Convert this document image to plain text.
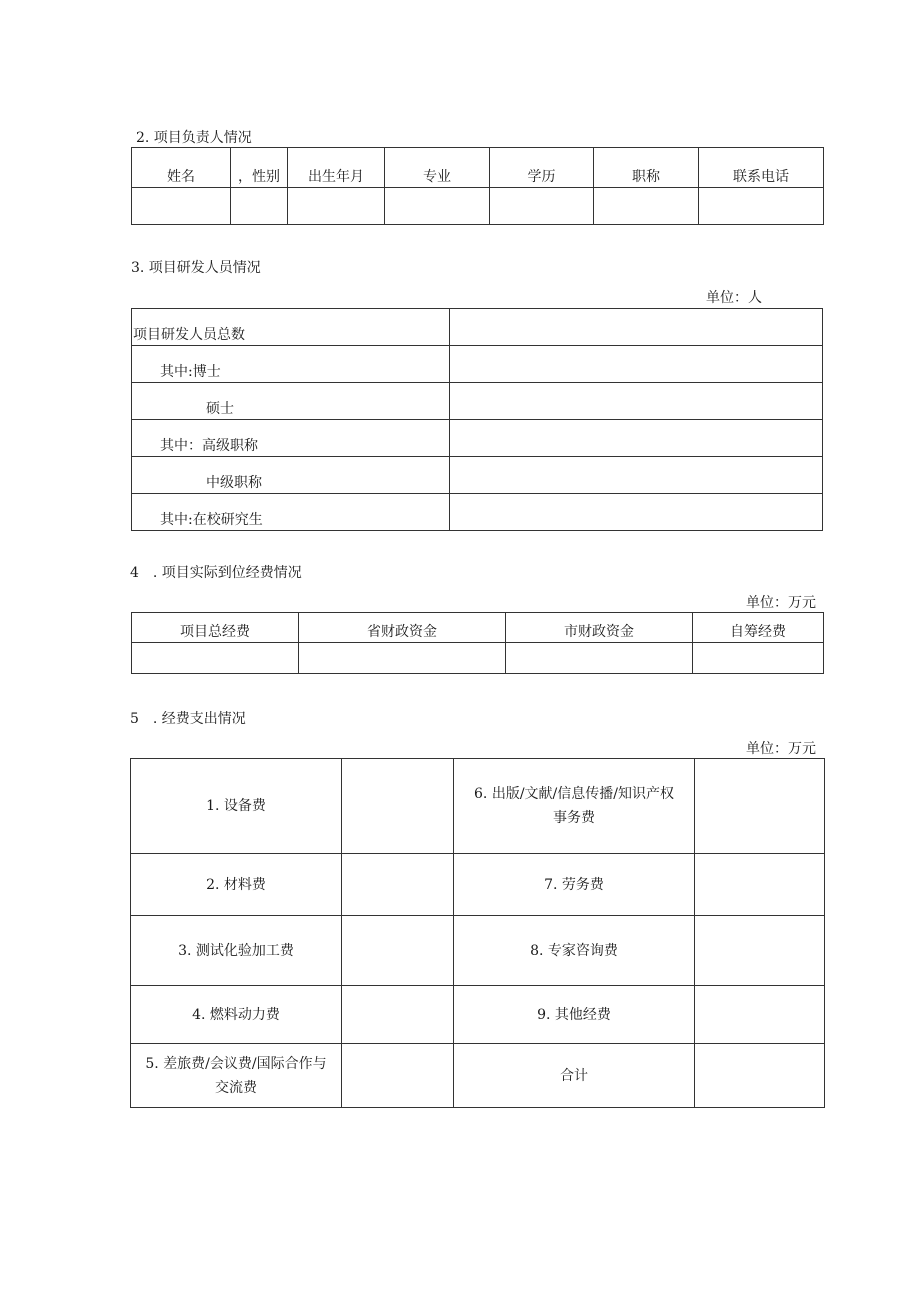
2. 项目负责人情况
姓名	，性别	出生年月	专业	学历	职称	联系电话

3. 项目研发人员情况
单位：人
项目研发人员总数	
其中:博士	
硕士	
其中：高级职称	
中级职称	
其中:在校研究生	
4　. 项目实际到位经费情况
单位：万元
项目总经费	省财政资金	市财政资金	自筹经费

5　. 经费支出情况
单位：万元
1. 设备费		6. 出版/文献/信息传播/知识产权
事务费	

2. 材料费		7. 劳务费	
3. 测试化验加工费		8. 专家咨询费	
4. 燃料动力费		9. 其他经费	

5. 差旅费/会议费/国际合作与
交流费		合计	
